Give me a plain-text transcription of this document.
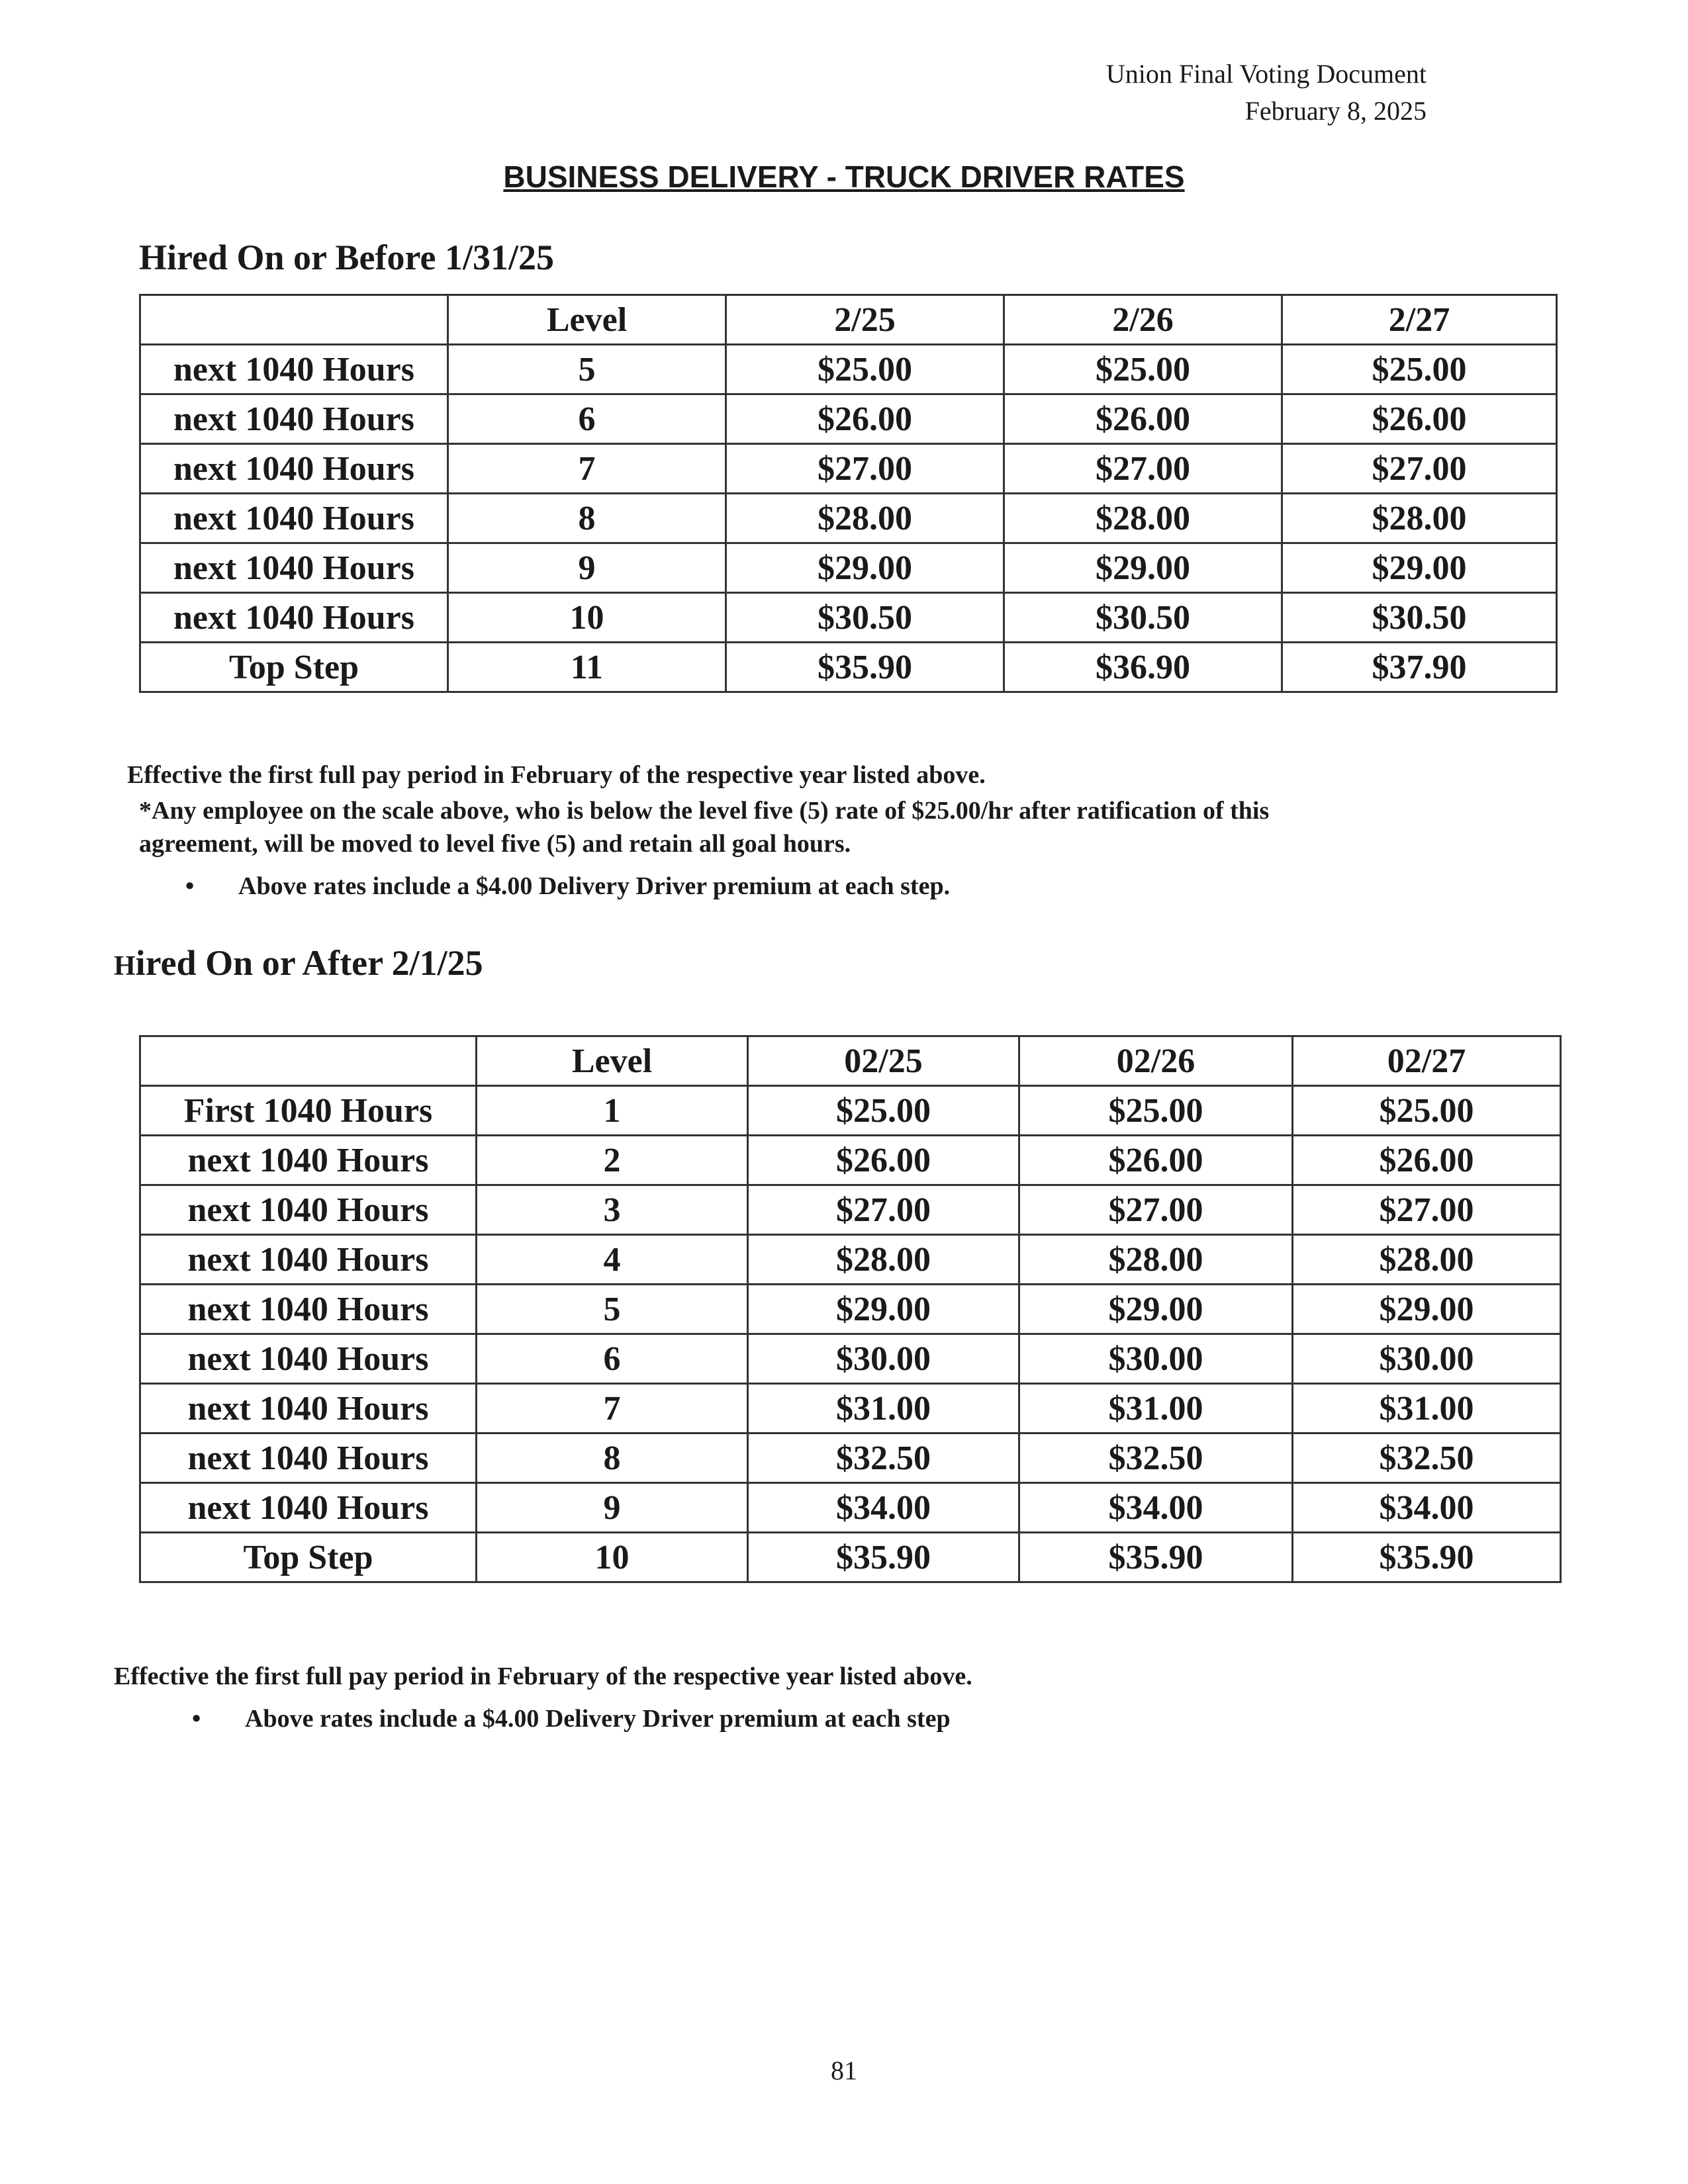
Union Final Voting Document
February 8, 2025
BUSINESS DELIVERY - TRUCK DRIVER RATES
Hired On or Before 1/31/25
	Level	2/25	2/26	2/27
next 1040 Hours	5	$25.00	$25.00	$25.00
next 1040 Hours	6	$26.00	$26.00	$26.00
next 1040 Hours	7	$27.00	$27.00	$27.00
next 1040 Hours	8	$28.00	$28.00	$28.00
next 1040 Hours	9	$29.00	$29.00	$29.00
next 1040 Hours	10	$30.50	$30.50	$30.50
Top Step	11	$35.90	$36.90	$37.90
Effective the first full pay period in February of the respective year listed above.
*Any employee on the scale above, who is below the level five (5) rate of $25.00/hr after ratification of this
agreement, will be moved to level five (5) and retain all goal hours.
• Above rates include a $4.00 Delivery Driver premium at each step.
Hired On or After 2/1/25
	Level	02/25	02/26	02/27
First 1040 Hours	1	$25.00	$25.00	$25.00
next 1040 Hours	2	$26.00	$26.00	$26.00
next 1040 Hours	3	$27.00	$27.00	$27.00
next 1040 Hours	4	$28.00	$28.00	$28.00
next 1040 Hours	5	$29.00	$29.00	$29.00
next 1040 Hours	6	$30.00	$30.00	$30.00
next 1040 Hours	7	$31.00	$31.00	$31.00
next 1040 Hours	8	$32.50	$32.50	$32.50
next 1040 Hours	9	$34.00	$34.00	$34.00
Top Step	10	$35.90	$35.90	$35.90
Effective the first full pay period in February of the respective year listed above.
• Above rates include a $4.00 Delivery Driver premium at each step
81
